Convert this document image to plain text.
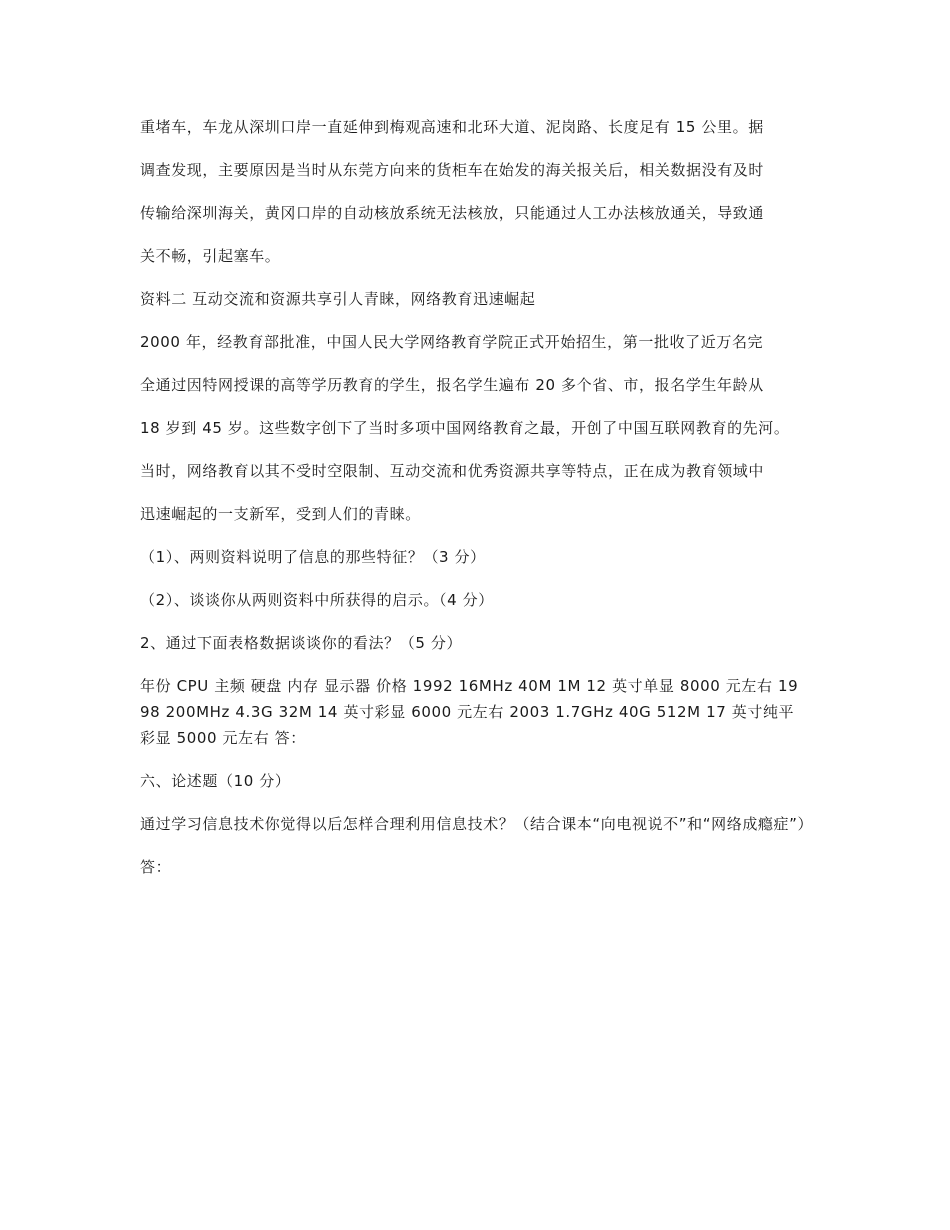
重堵车，车龙从深圳口岸一直延伸到梅观高速和北环大道、泥岗路、长度足有 15 公里。据

调查发现，主要原因是当时从东莞方向来的货柜车在始发的海关报关后，相关数据没有及时

传输给深圳海关，黄冈口岸的自动核放系统无法核放，只能通过人工办法核放通关，导致通

关不畅，引起塞车。

资料二 互动交流和资源共享引人青睐，网络教育迅速崛起

2000 年，经教育部批准，中国人民大学网络教育学院正式开始招生，第一批收了近万名完

全通过因特网授课的高等学历教育的学生，报名学生遍布 20 多个省、市，报名学生年龄从

18 岁到 45 岁。这些数字创下了当时多项中国网络教育之最，开创了中国互联网教育的先河。

当时，网络教育以其不受时空限制、互动交流和优秀资源共享等特点，正在成为教育领域中

迅速崛起的一支新军，受到人们的青睐。

（1）、两则资料说明了信息的那些特征？（3 分）

（2）、谈谈你从两则资料中所获得的启示。（4 分）

2、通过下面表格数据谈谈你的看法？（5 分）

年份 CPU 主频 硬盘 内存 显示器 价格 1992 16MHz 40M 1M 12 英寸单显 8000 元左右 1998 200MHz 4.3G 32M 14 英寸彩显 6000 元左右 2003 1.7GHz 40G 512M 17 英寸纯平彩显 5000 元左右 答：

六、论述题（10 分）

通过学习信息技术你觉得以后怎样合理利用信息技术？（结合课本“向电视说不”和“网络成瘾症”）

答：
